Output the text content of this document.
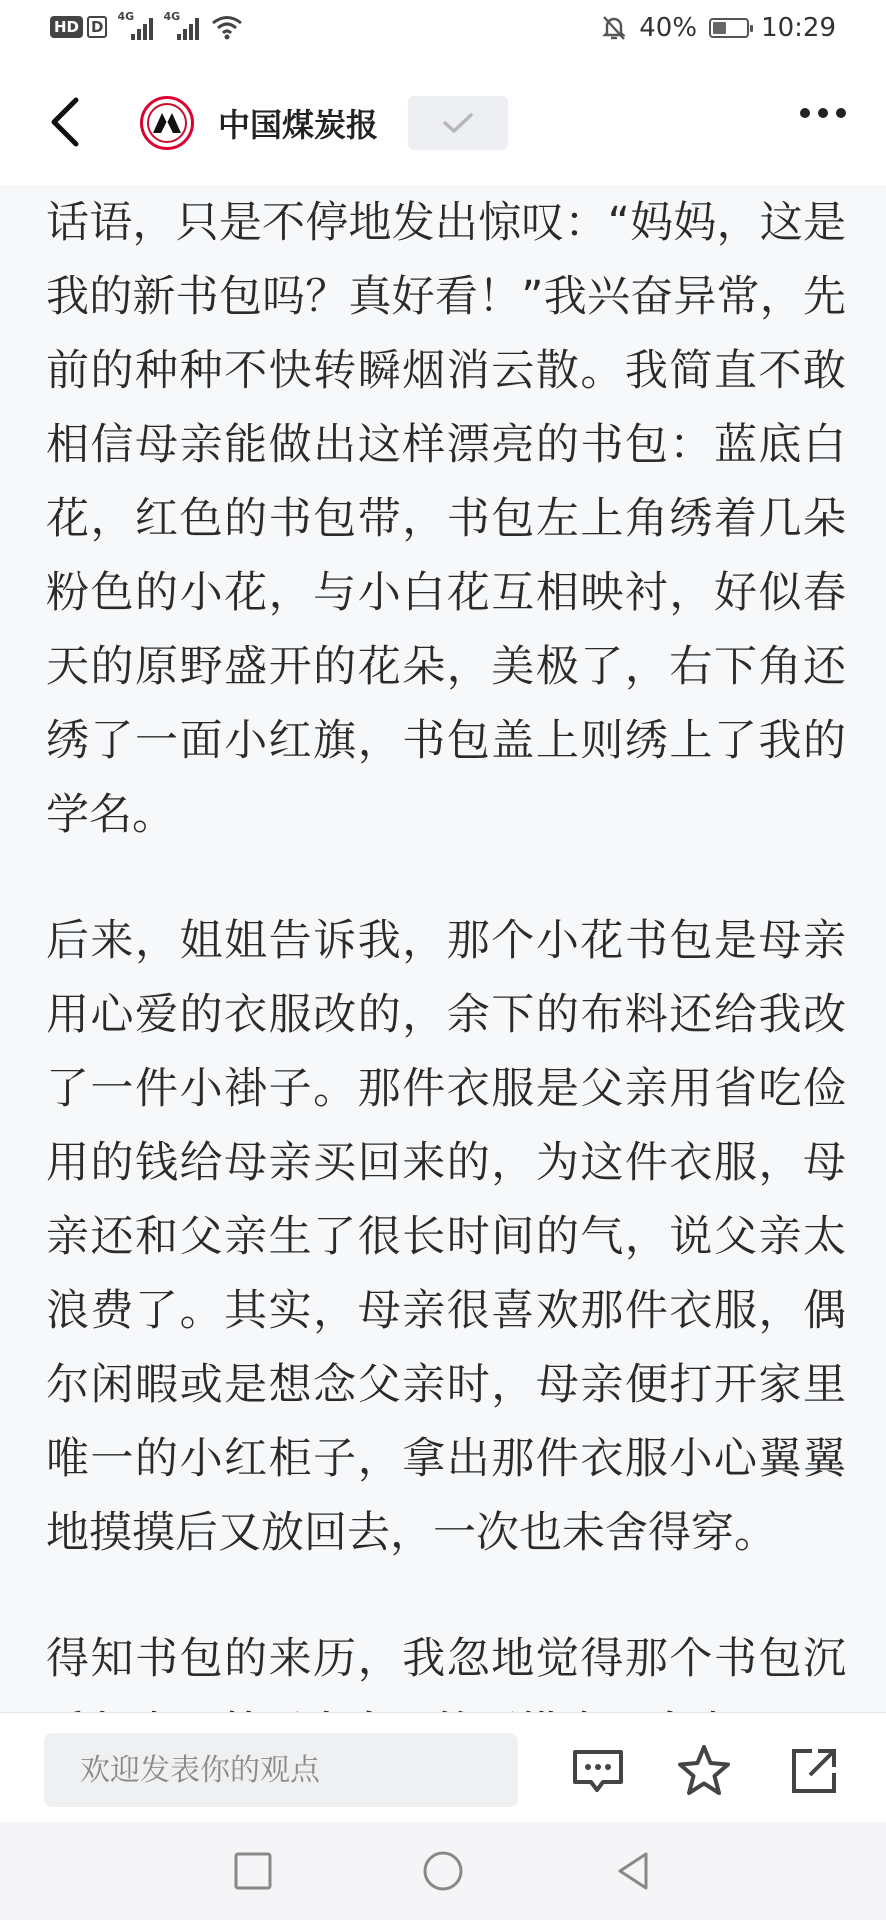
HD D
4G	4G	40% 10:29
中国煤炭报

话语，只是不停地发出惊叹：“妈妈，这是我的新书包吗？真好看！”我兴奋异常，先前的种种不快转瞬烟消云散。我简直不敢相信母亲能做出这样漂亮的书包：蓝底白花，红色的书包带，书包左上角绣着几朵粉色的小花，与小白花互相映衬，好似春天的原野盛开的花朵，美极了，右下角还绣了一面小红旗，书包盖上则绣上了我的学名。

后来，姐姐告诉我，那个小花书包是母亲用心爱的衣服改的，余下的布料还给我改了一件小褂子。那件衣服是父亲用省吃俭用的钱给母亲买回来的，为这件衣服，母亲还和父亲生了很长时间的气，说父亲太浪费了。其实，母亲很喜欢那件衣服，偶尔闲暇或是想念父亲时，母亲便打开家里唯一的小红柜子，拿出那件衣服小心翼翼地摸摸后又放回去，一次也未舍得穿。

得知书包的来历，我忽地觉得那个书包沉

欢迎发表你的观点
